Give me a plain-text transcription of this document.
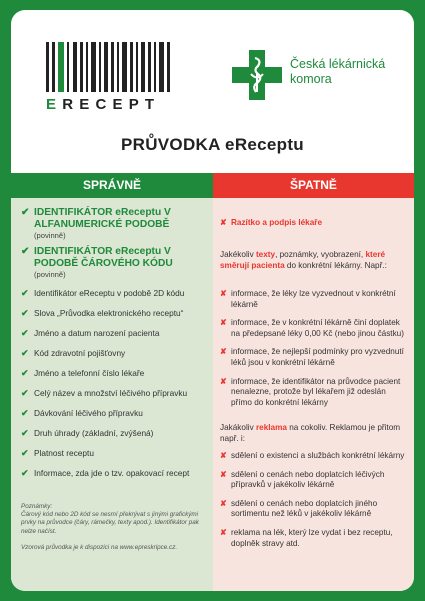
ERECEPT
Česká lékárnická
komora
PRŮVODKA eReceptu
SPRÁVNĚ
✔ IDENTIFIKÁTOR eReceptu V ALFANUMERICKÉ PODOBĚ
(povinně)
✔ IDENTIFIKÁTOR eReceptu V PODOBĚ ČÁROVÉHO KÓDU
(povinně)
✔ Identifikátor eReceptu v podobě 2D kódu
✔ Slova „Průvodka elektronického receptu“
✔ Jméno a datum narození pacienta
✔ Kód zdravotní pojišťovny
✔ Jméno a telefonní číslo lékaře
✔ Celý název a množství léčivého přípravku
✔ Dávkování léčivého přípravku
✔ Druh úhrady (základní, zvýšená)
✔ Platnost receptu
✔ Informace, zda jde o tzv. opakovací recept
Poznámky:
Čárový kód nebo 2D kód se nesmí překrývat s jinými grafickými prvky na průvodce (čáry, rámečky, texty apod.). Identifikátor pak nelze načíst.
Vzorová průvodka je k dispozici na www.epreskripce.cz.
ŠPATNĚ
✘ Razítko a podpis lékaře
Jakékoliv texty, poznámky, vyobrazení, které směrují pacienta do konkrétní lékárny. Např.:
✘ informace, že léky lze vyzvednout v konkrétní lékárně
✘ informace, že v konkrétní lékárně činí doplatek na předepsané léky 0,00 Kč (nebo jinou částku)
✘ informace, že nejlepší podmínky pro vyzvednutí léků jsou v konkrétní lékárně
✘ informace, že identifikátor na průvodce pacient nenalezne, protože byl lékařem již odeslán přímo do konkrétní lékárny
Jakákoliv reklama na cokoliv. Reklamou je přitom např. i:
✘ sdělení o existenci a službách konkrétní lékárny
✘ sdělení o cenách nebo doplatcích léčivých přípravků v jakékoliv lékárně
✘ sdělení o cenách nebo doplatcích jiného sortimentu než léků v jakékoliv lékárně
✘ reklama na lék, který lze vydat i bez receptu, doplněk stravy atd.
